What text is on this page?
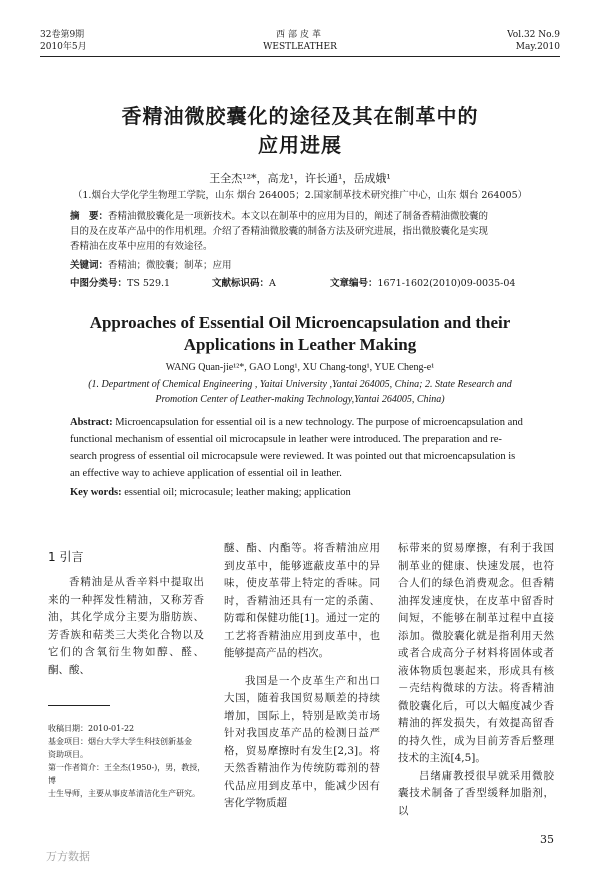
32卷第9期
2010年5月
西部皮革
WESTLEATHER
Vol.32 No.9
May.2010
香精油微胶囊化的途径及其在制革中的
应用进展
王全杰¹²*，高龙¹，许长通¹，岳成娥¹
（1.烟台大学化学生物理工学院，山东 烟台 264005；2.国家制革技术研究推广中心，山东 烟台 264005）
摘　要：香精油微胶囊化是一项新技术。本文以在制革中的应用为目的，阐述了制备香精油微胶囊的
目的及在皮革产品中的作用机理。介绍了香精油微胶囊的制备方法及研究进展，指出微胶囊化是实现
香精油在皮革中应用的有效途径。
关键词：香精油；微胶囊；制革；应用
中图分类号：TS 529.1	文献标识码：A	文章编号：1671-1602(2010)09-0035-04
Approaches of Essential Oil Microencapsulation and their
Applications in Leather Making
WANG Quan-jie¹²*, GAO Long¹, XU Chang-tong¹, YUE Cheng-e¹
(1. Department of Chemical Engineering , Yaitai University ,Yantai 264005, China; 2. State Research and
Promotion Center of Leather-making Technology,Yantai 264005, China)
Abstract: Microencapsulation for essential oil is a new technology. The purpose of microencapsulation and
functional mechanism of essential oil microcapsule in leather were introduced. The preparation and re-
search progress of essential oil microcapsule were reviewed. It was pointed out that microencapsulation is
an effective way to achieve application of essential oil in leather.
Key words: essential oil; microcasule; leather making; application
1 引言

香精油是从香辛料中提取出来的一种挥发性精油，又称芳香油，其化学成分主要为脂肪族、芳香族和萜类三大类化合物以及它们的含氧衍生物如醇、醛、酮、酸、

收稿日期：2010-01-22
基金项目：烟台大学大学生科技创新基金
资助项目。
第一作者简介：王全杰(1950-)，男，教授，博
士生导师，主要从事皮革清洁化生产研究。

醚、酯、内酯等。将香精油应用到皮革中，能够遮蔽皮革中的异味，使皮革带上特定的香味。同时，香精油还具有一定的杀菌、防霉和保健功能[1]。通过一定的工艺将香精油应用到皮革中，也能够提高产品的档次。

我国是一个皮革生产和出口大国，随着我国贸易顺差的持续增加，国际上，特别是欧美市场针对我国皮革产品的检测日益严格，贸易摩擦时有发生[2,3]。将天然香精油作为传统防霉剂的替代品应用到皮革中，能减少因有害化学物质超

标带来的贸易摩擦，有利于我国制革业的健康、快速发展，也符合人们的绿色消费观念。但香精油挥发速度快，在皮革中留香时间短，不能够在制革过程中直接添加。微胶囊化就是指利用天然或者合成高分子材料将固体或者液体物质包裹起来，形成具有核－壳结构微球的方法。将香精油微胶囊化后，可以大幅度减少香精油的挥发损失，有效提高留香的持久性，成为目前芳香后整理技术的主流[4,5]。

吕绪庸教授很早就采用微胶囊技术制备了香型缓释加脂剂，以

35
万方数据
